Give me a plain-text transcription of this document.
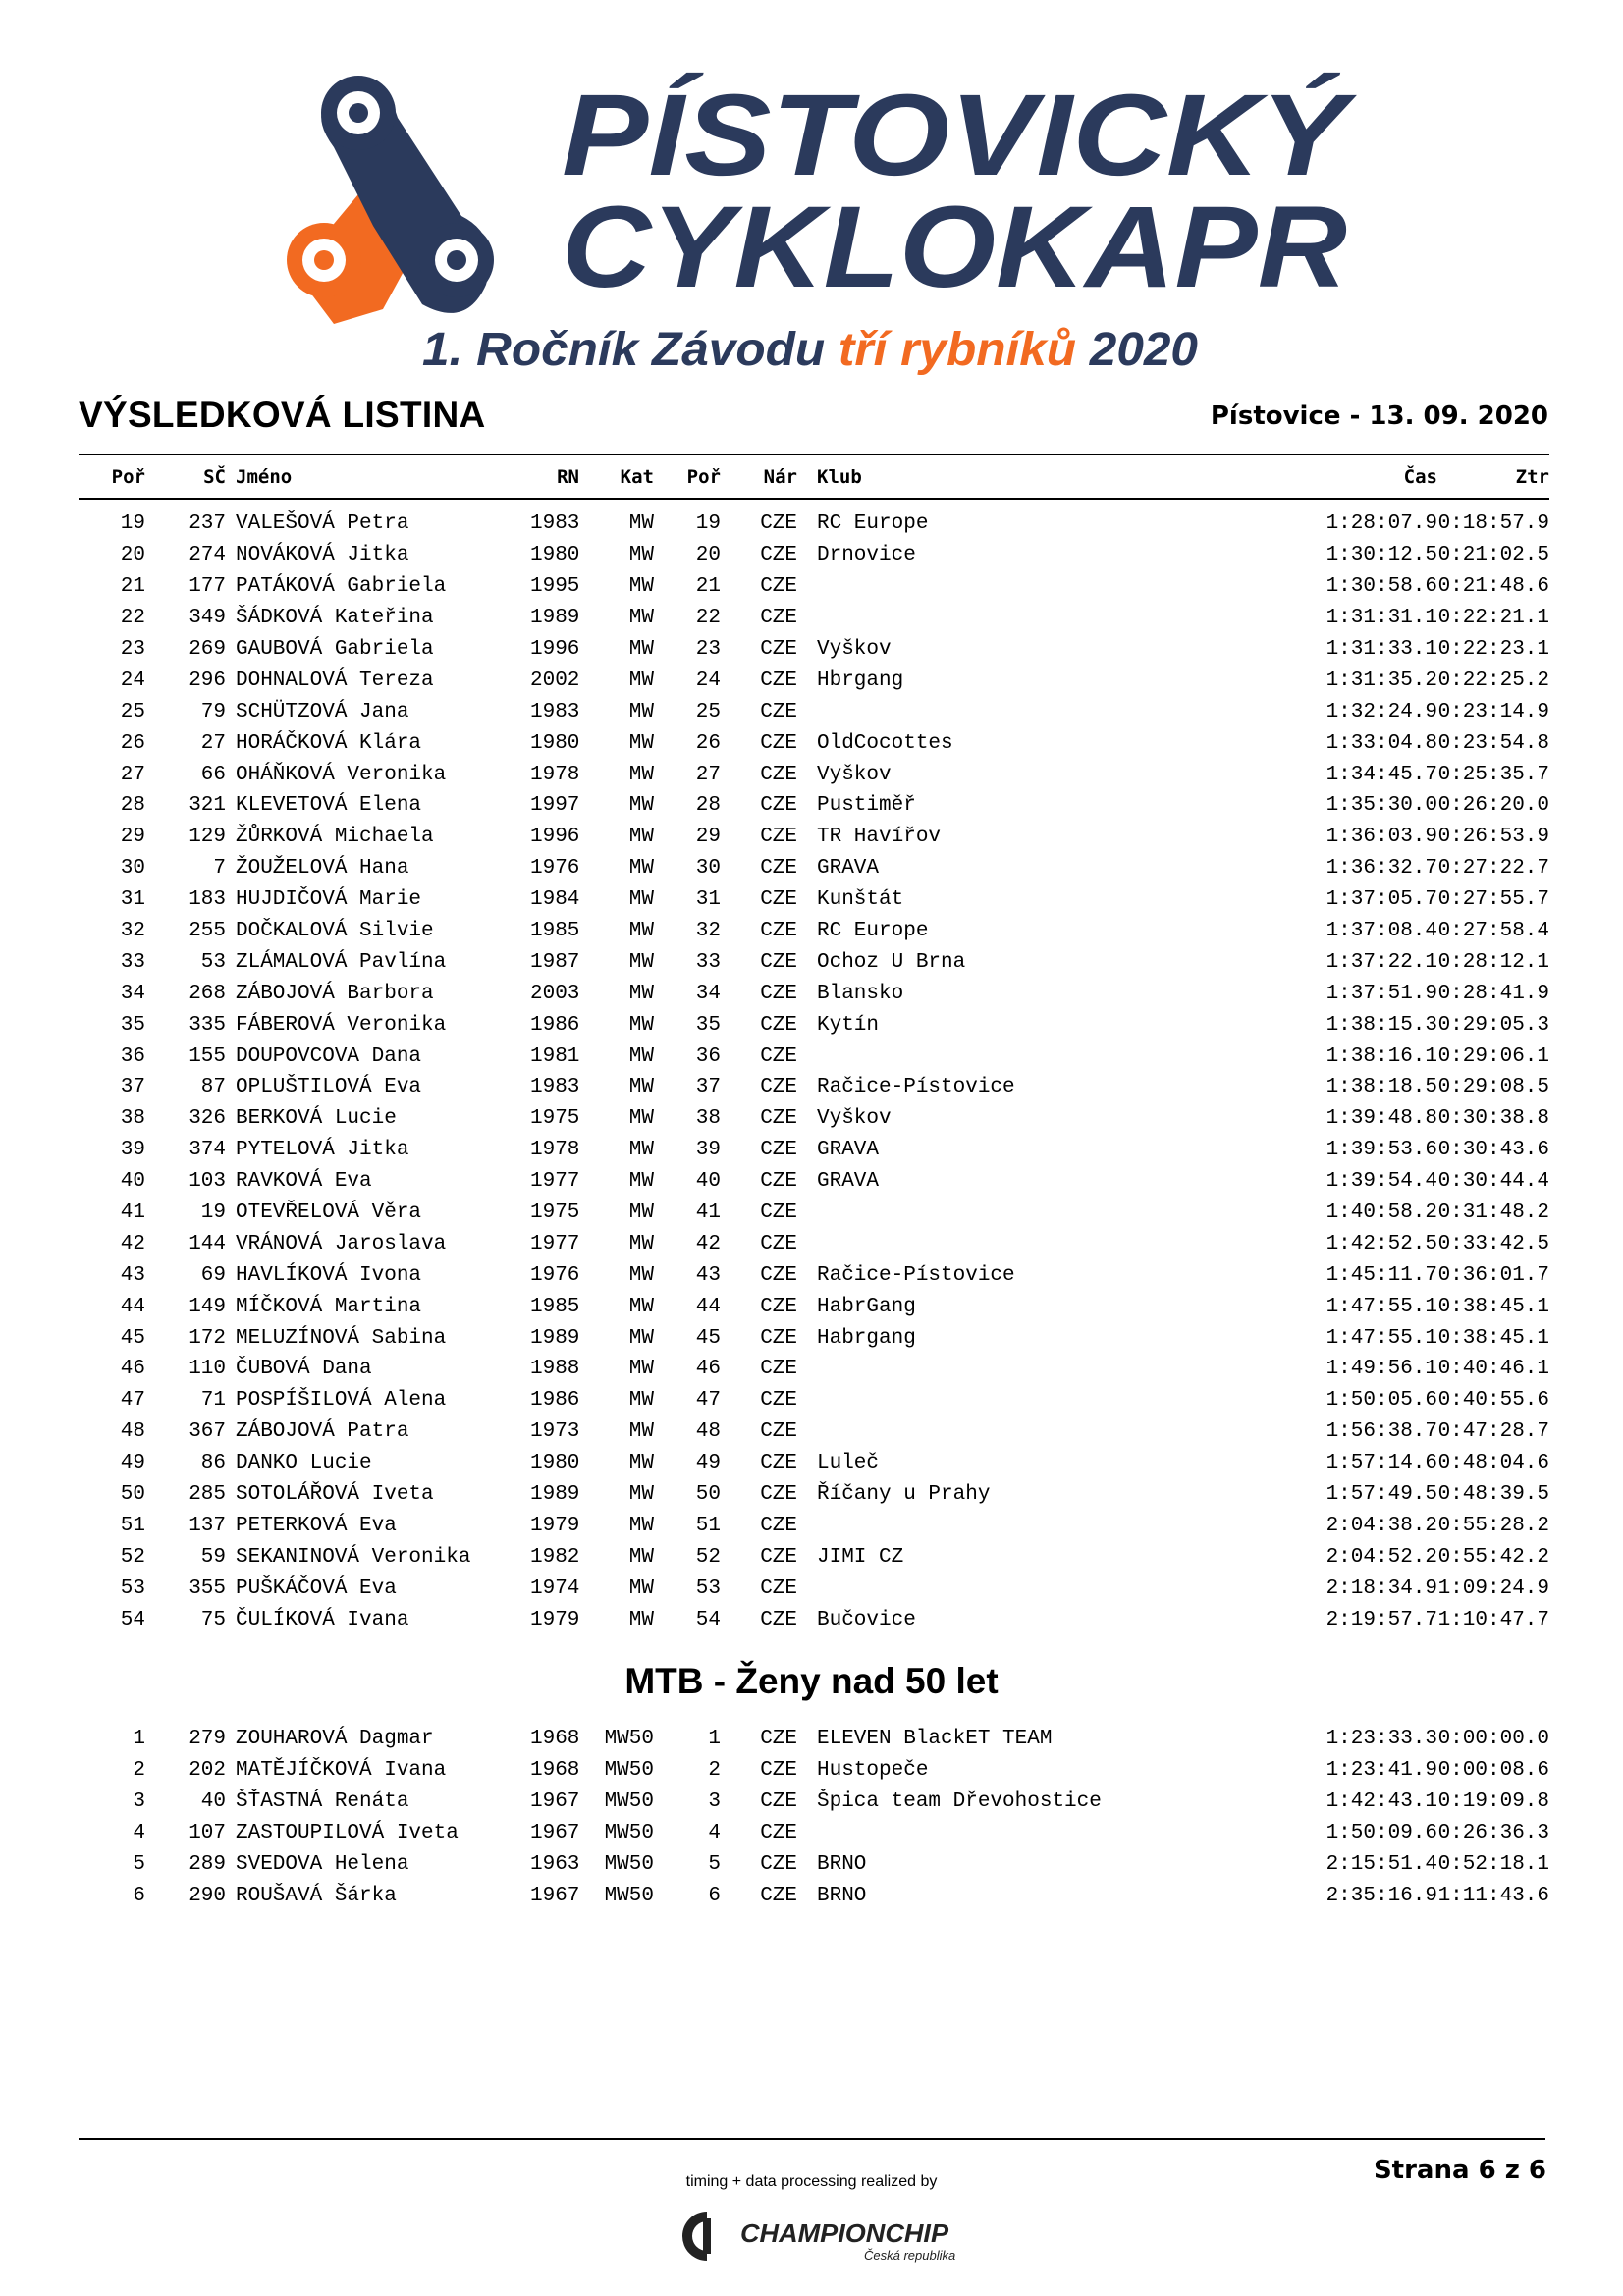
PÍSTOVICKÝ
CYKLOKAPR
1. Ročník Závodu tří rybníků 2020
VÝSLEDKOVÁ LISTINA	Pístovice - 13. 09. 2020
Poř	SČ	Jméno	RN	Kat	Poř	Nár	Klub	Čas	Ztr
19	237	VALEŠOVÁ Petra	1983	MW	19	CZE	RC Europe	1:28:07.9	0:18:57.9
20	274	NOVÁKOVÁ Jitka	1980	MW	20	CZE	Drnovice	1:30:12.5	0:21:02.5
21	177	PATÁKOVÁ Gabriela	1995	MW	21	CZE		1:30:58.6	0:21:48.6
22	349	ŠÁDKOVÁ Kateřina	1989	MW	22	CZE		1:31:31.1	0:22:21.1
23	269	GAUBOVÁ Gabriela	1996	MW	23	CZE	Vyškov	1:31:33.1	0:22:23.1
24	296	DOHNALOVÁ Tereza	2002	MW	24	CZE	Hbrgang	1:31:35.2	0:22:25.2
25	79	SCHÜTZOVÁ Jana	1983	MW	25	CZE		1:32:24.9	0:23:14.9
26	27	HORÁČKOVÁ Klára	1980	MW	26	CZE	OldCocottes	1:33:04.8	0:23:54.8
27	66	OHÁŇKOVÁ Veronika	1978	MW	27	CZE	Vyškov	1:34:45.7	0:25:35.7
28	321	KLEVETOVÁ Elena	1997	MW	28	CZE	Pustiměř	1:35:30.0	0:26:20.0
29	129	ŽŮRKOVÁ Michaela	1996	MW	29	CZE	TR Havířov	1:36:03.9	0:26:53.9
30	7	ŽOUŽELOVÁ Hana	1976	MW	30	CZE	GRAVA	1:36:32.7	0:27:22.7
31	183	HUJDIČOVÁ Marie	1984	MW	31	CZE	Kunštát	1:37:05.7	0:27:55.7
32	255	DOČKALOVÁ Silvie	1985	MW	32	CZE	RC Europe	1:37:08.4	0:27:58.4
33	53	ZLÁMALOVÁ Pavlína	1987	MW	33	CZE	Ochoz U Brna	1:37:22.1	0:28:12.1
34	268	ZÁBOJOVÁ Barbora	2003	MW	34	CZE	Blansko	1:37:51.9	0:28:41.9
35	335	FÁBEROVÁ Veronika	1986	MW	35	CZE	Kytín	1:38:15.3	0:29:05.3
36	155	DOUPOVCOVA Dana	1981	MW	36	CZE		1:38:16.1	0:29:06.1
37	87	OPLUŠTILOVÁ Eva	1983	MW	37	CZE	Račice-Pístovice	1:38:18.5	0:29:08.5
38	326	BERKOVÁ Lucie	1975	MW	38	CZE	Vyškov	1:39:48.8	0:30:38.8
39	374	PYTELOVÁ Jitka	1978	MW	39	CZE	GRAVA	1:39:53.6	0:30:43.6
40	103	RAVKOVÁ Eva	1977	MW	40	CZE	GRAVA	1:39:54.4	0:30:44.4
41	19	OTEVŘELOVÁ Věra	1975	MW	41	CZE		1:40:58.2	0:31:48.2
42	144	VRÁNOVÁ Jaroslava	1977	MW	42	CZE		1:42:52.5	0:33:42.5
43	69	HAVLÍKOVÁ Ivona	1976	MW	43	CZE	Račice-Pístovice	1:45:11.7	0:36:01.7
44	149	MÍČKOVÁ Martina	1985	MW	44	CZE	HabrGang	1:47:55.1	0:38:45.1
45	172	MELUZÍNOVÁ Sabina	1989	MW	45	CZE	Habrgang	1:47:55.1	0:38:45.1
46	110	ČUBOVÁ Dana	1988	MW	46	CZE		1:49:56.1	0:40:46.1
47	71	POSPÍŠILOVÁ Alena	1986	MW	47	CZE		1:50:05.6	0:40:55.6
48	367	ZÁBOJOVÁ Patra	1973	MW	48	CZE		1:56:38.7	0:47:28.7
49	86	DANKO Lucie	1980	MW	49	CZE	Luleč	1:57:14.6	0:48:04.6
50	285	SOTOLÁŘOVÁ Iveta	1989	MW	50	CZE	Říčany u Prahy	1:57:49.5	0:48:39.5
51	137	PETERKOVÁ Eva	1979	MW	51	CZE		2:04:38.2	0:55:28.2
52	59	SEKANINOVÁ Veronika	1982	MW	52	CZE	JIMI CZ	2:04:52.2	0:55:42.2
53	355	PUŠKÁČOVÁ Eva	1974	MW	53	CZE		2:18:34.9	1:09:24.9
54	75	ČULÍKOVÁ Ivana	1979	MW	54	CZE	Bučovice	2:19:57.7	1:10:47.7
MTB - Ženy nad 50 let
1	279	ZOUHAROVÁ Dagmar	1968	MW50	1	CZE	ELEVEN BlackET TEAM	1:23:33.3	0:00:00.0
2	202	MATĚJÍČKOVÁ Ivana	1968	MW50	2	CZE	Hustopeče	1:23:41.9	0:00:08.6
3	40	ŠŤASTNÁ Renáta	1967	MW50	3	CZE	Špica team Dřevohostice	1:42:43.1	0:19:09.8
4	107	ZASTOUPILOVÁ Iveta	1967	MW50	4	CZE		1:50:09.6	0:26:36.3
5	289	SVEDOVA Helena	1963	MW50	5	CZE	BRNO	2:15:51.4	0:52:18.1
6	290	ROUŠAVÁ Šárka	1967	MW50	6	CZE	BRNO	2:35:16.9	1:11:43.6
Strana 6 z 6
timing + data processing realized by
CHAMPIONCHIP
Česká republika
